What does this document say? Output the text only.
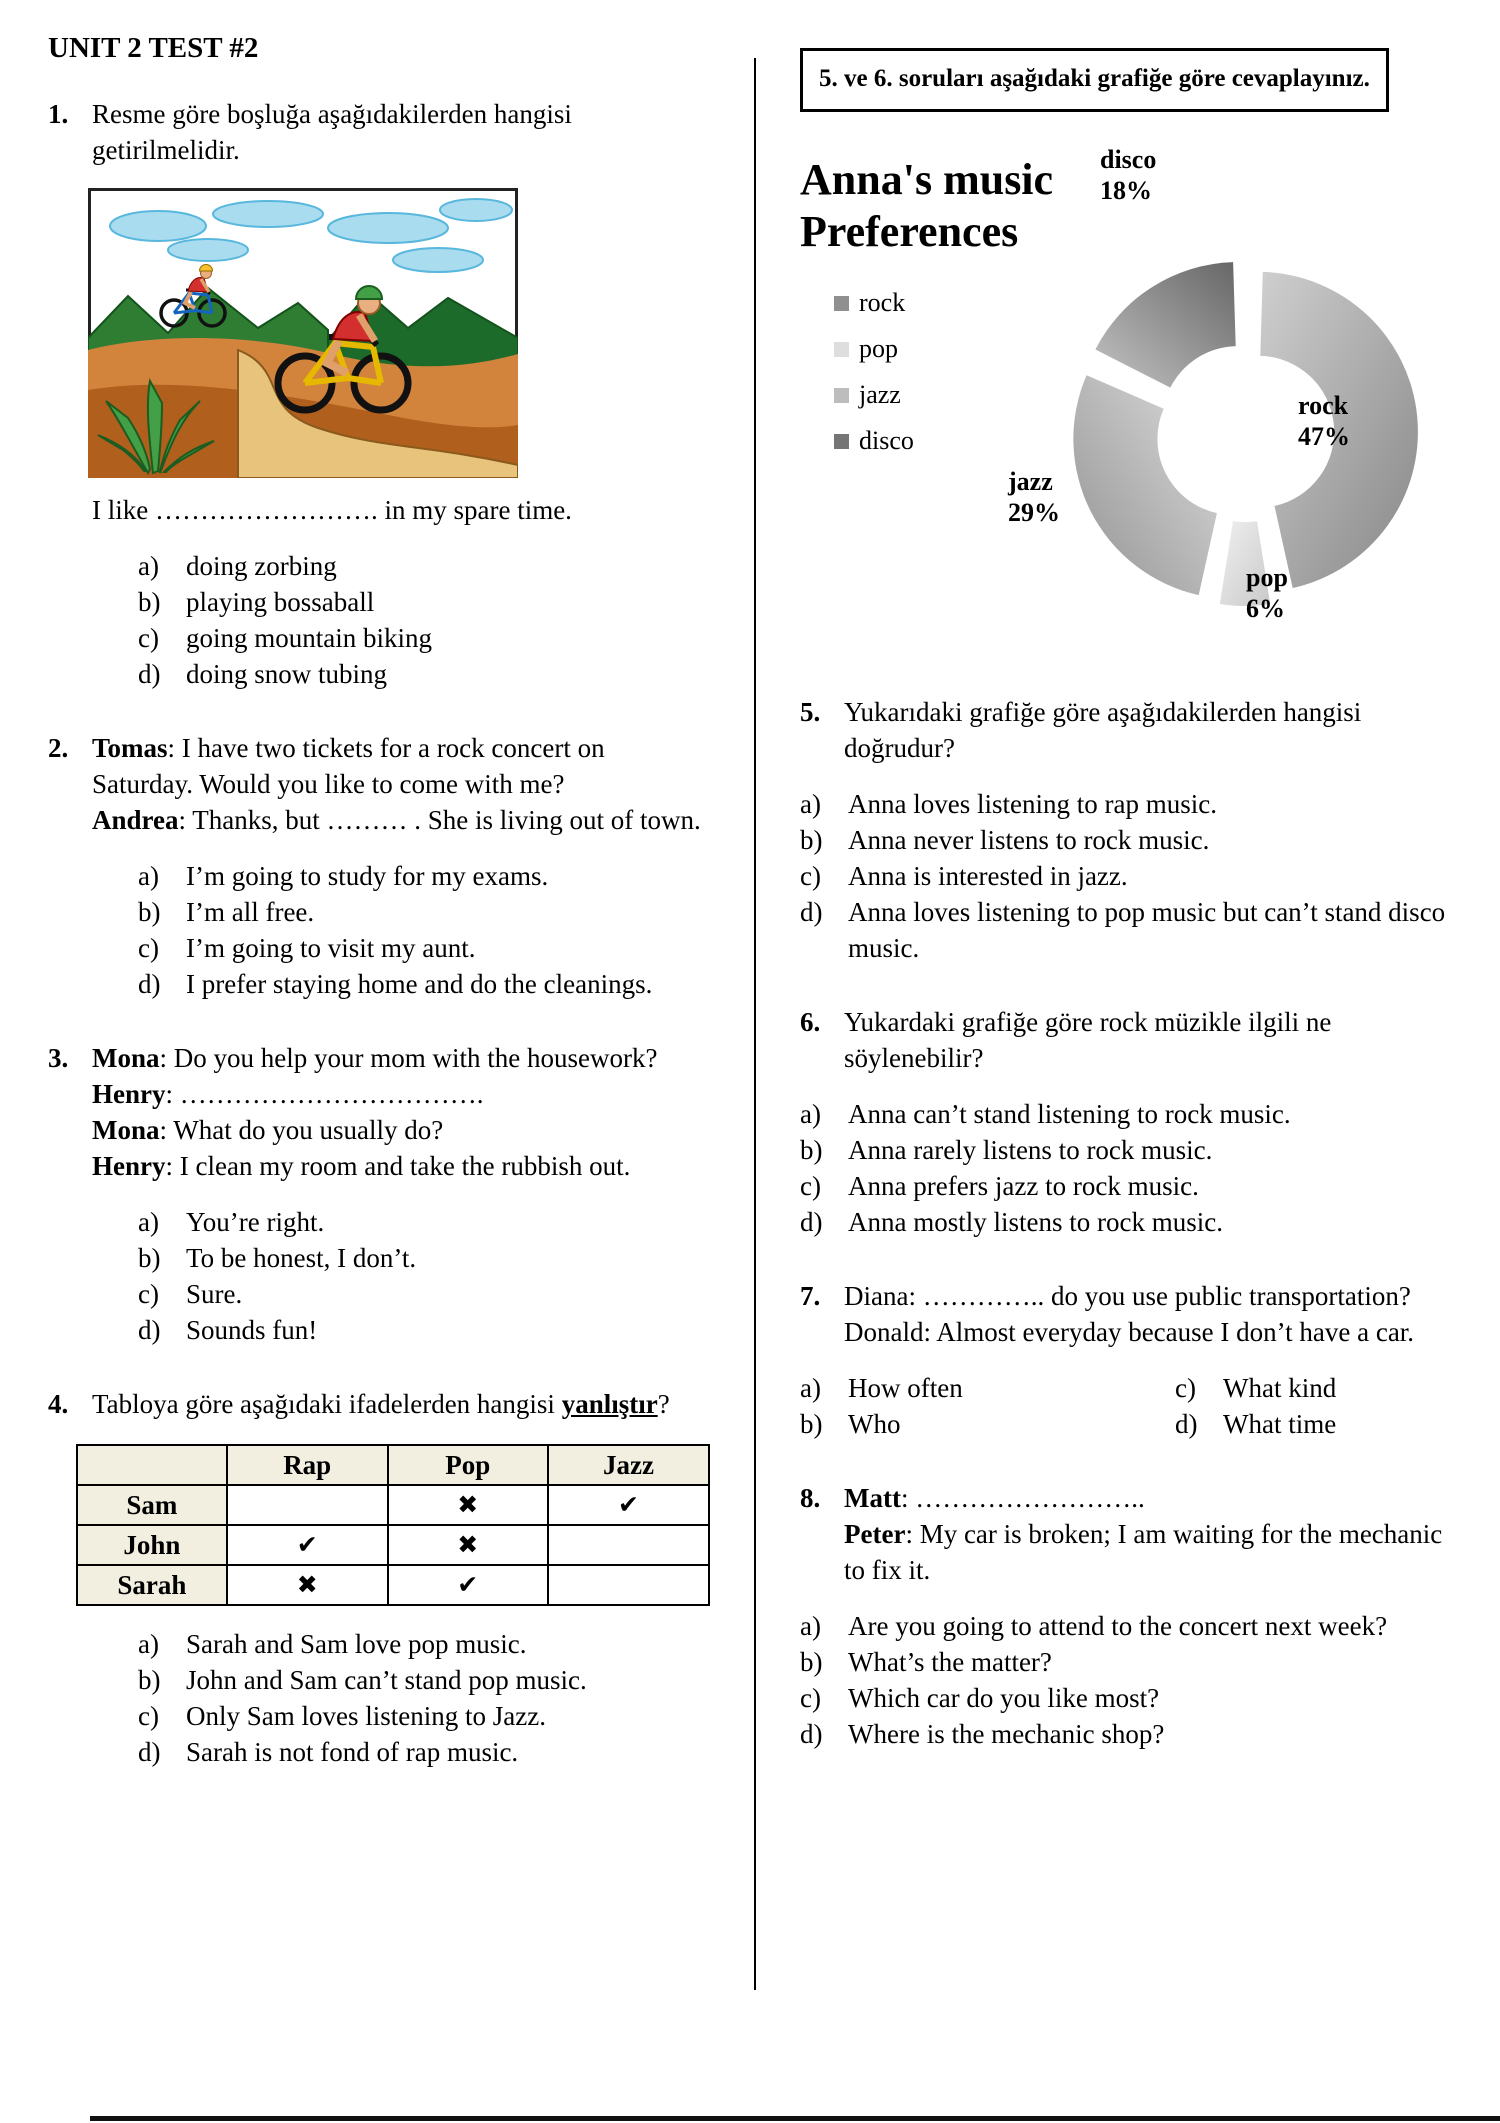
UNIT 2 TEST #2
1. Resme göre boşluğa aşağıdakilerden hangisi getirilmelidir.
I like ……………………. in my spare time.
a)	doing zorbing
b) playing bossaball
c)	going mountain biking
d) doing snow tubing
2. Tomas: I have two tickets for a rock concert on Saturday. Would you like to come with me?

Andrea: Thanks, but ……… . She is living out of town.

a)	I’m going to study for my exams.
b) I’m all free.
c)	I’m going to visit my aunt.
d) I prefer staying home and do the cleanings.
3. Mona: Do you help your mom with the housework?

Henry: …………………………….

Mona: What do you usually do?

Henry: I clean my room and take the rubbish out.

a)	You’re right.
b) To be honest, I don’t.
c)	Sure.
d) Sounds fun!
4. Tabloya göre aşağıdaki ifadelerden hangisi yanlıştır?
	Rap	Pop	Jazz
Sam		✖	✔
John	✔	✖	
Sarah	✖	✔	
a)	Sarah and Sam love pop music.
b) John and Sam can’t stand pop music.
c)	Only Sam loves listening to Jazz.
d) Sarah is not fond of rap music.
5. ve 6. soruları aşağıdaki grafiğe göre cevaplayınız.
Anna's music
Preferences
rock
pop
jazz
disco
disco
18%
rock
47%
jazz
29%
pop
6%
5. Yukarıdaki grafiğe göre aşağıdakilerden hangisi doğrudur?
a)	Anna loves listening to rap music.
b) Anna never listens to rock music.
c)	Anna is interested in jazz.
d) Anna loves listening to pop music but can’t stand disco music.
6. Yukardaki grafiğe göre rock müzikle ilgili ne söylenebilir?
a)	Anna can’t stand listening to rock music.
b) Anna rarely listens to rock music.
c)	Anna prefers jazz to rock music.
d) Anna mostly listens to rock music.
7. Diana: ………….. do you use public transportation?

Donald: Almost everyday because I don’t have a car.

a)	How often	c)	What kind
b) Who	d) What time
8. Matt: ……………………..

Peter: My car is broken; I am waiting for the mechanic to fix it.

a)	Are you going to attend to the concert next week?
b) What’s the matter?
c)	Which car do you like most?
d) Where is the mechanic shop?
